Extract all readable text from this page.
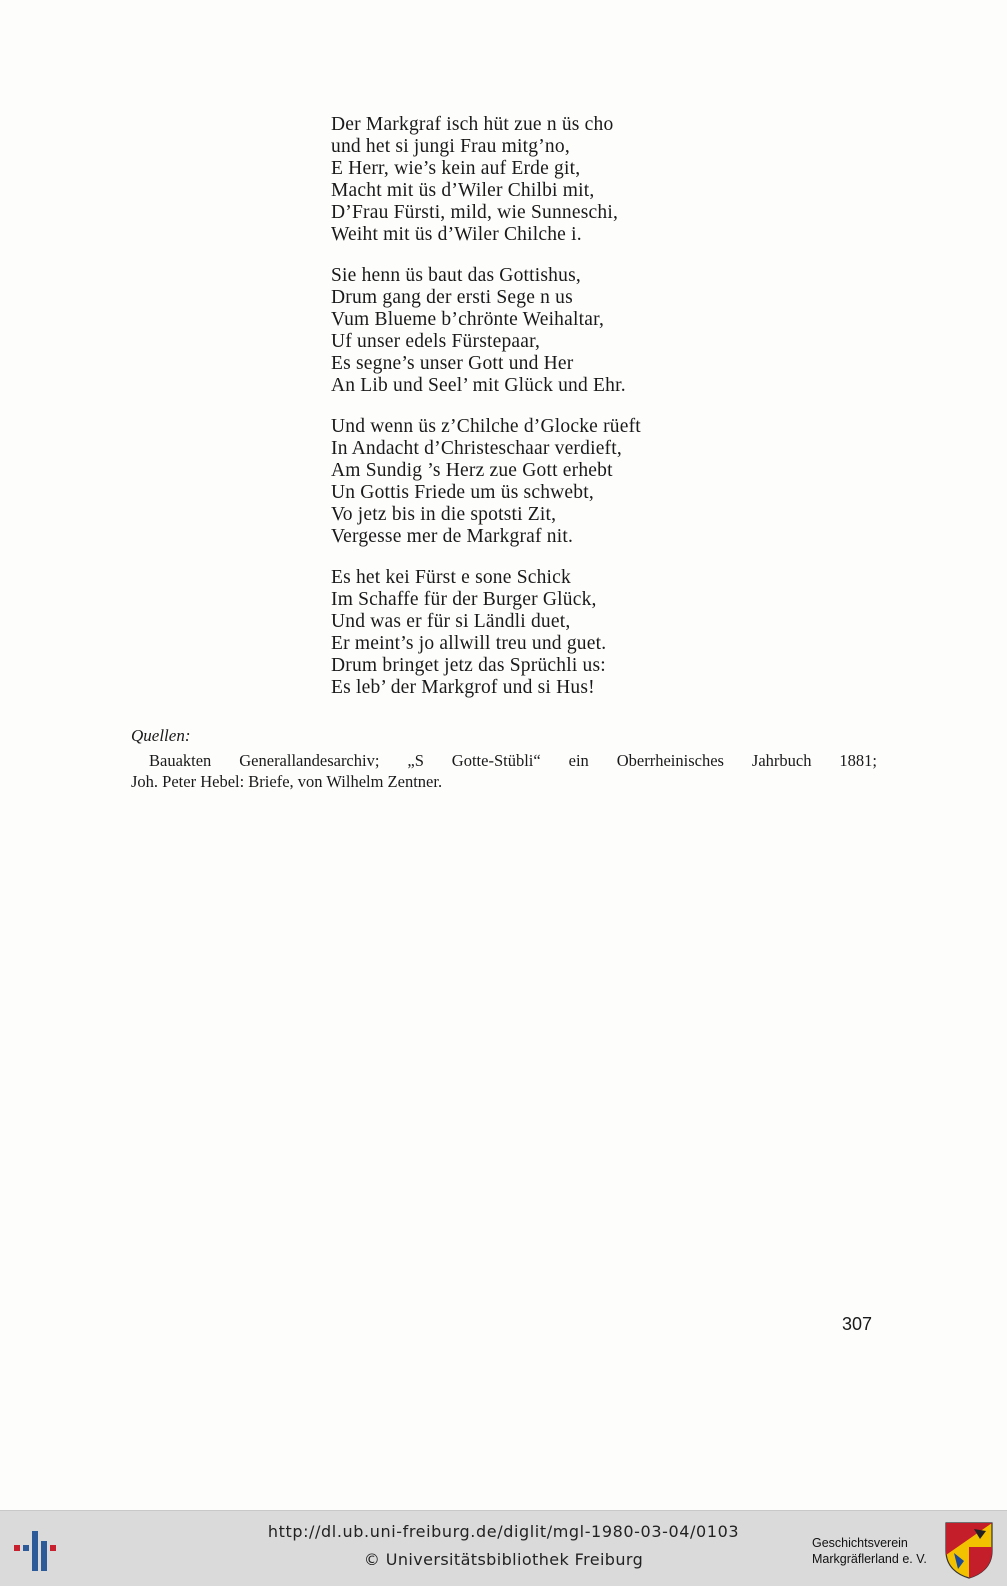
Der Markgraf isch hüt zue n üs cho
und het si jungi Frau mitg’no,
E Herr, wie’s kein auf Erde git,
Macht mit üs d’Wiler Chilbi mit,
D’Frau Fürsti, mild, wie Sunneschi,
Weiht mit üs d’Wiler Chilche i.
Sie henn üs baut das Gottishus,
Drum gang der ersti Sege n us
Vum Blueme b’chrönte Weihaltar,
Uf unser edels Fürstepaar,
Es segne’s unser Gott und Her
An Lib und Seel’ mit Glück und Ehr.
Und wenn üs z’Chilche d’Glocke rüeft
In Andacht d’Christeschaar verdieft,
Am Sundig ’s Herz zue Gott erhebt
Un Gottis Friede um üs schwebt,
Vo jetz bis in die spotsti Zit,
Vergesse mer de Markgraf nit.
Es het kei Fürst e sone Schick
Im Schaffe für der Burger Glück,
Und was er für si Ländli duet,
Er meint’s jo allwill treu und guet.
Drum bringet jetz das Sprüchli us:
Es leb’ der Markgrof und si Hus!
Quellen:
Bauakten Generallandesarchiv; „S Gotte-Stübli“ ein Oberrheinisches Jahrbuch 1881;
Joh. Peter Hebel: Briefe, von Wilhelm Zentner.
307
http://dl.ub.uni-freiburg.de/diglit/mgl-1980-03-04/0103
© Universitätsbibliothek Freiburg
Geschichtsverein
Markgräflerland e. V.
